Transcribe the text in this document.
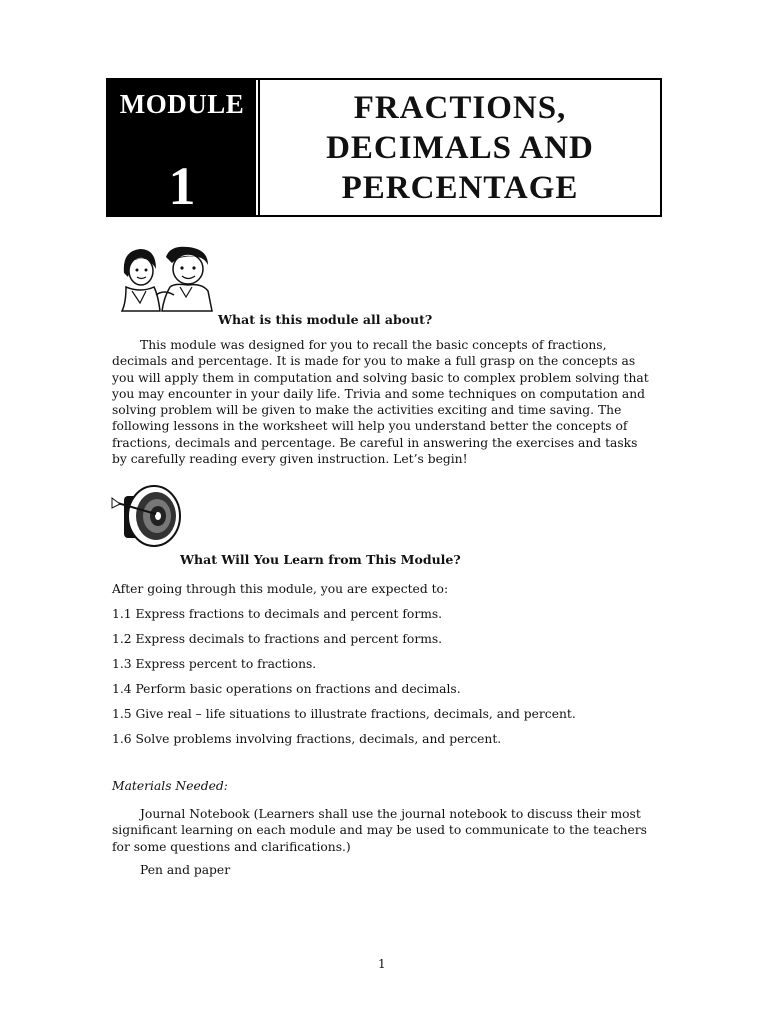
MODULE
1
FRACTIONS,
DECIMALS AND
PERCENTAGE
What is this module all about?
This module was designed for you to recall the basic concepts of fractions, decimals and percentage. It is made for you to make a full grasp on the concepts as you will apply them in computation and solving basic to complex problem solving that you may encounter in your daily life. Trivia and some techniques on computation and solving problem will be given to make the activities exciting and time saving. The following lessons in the worksheet will help you understand better the concepts of fractions, decimals and percentage. Be careful in answering the exercises and tasks by carefully reading every given instruction. Let’s begin!
What Will You Learn from This Module?
After going through this module, you are expected to:
1.1 Express fractions to decimals and percent forms.
1.2 Express decimals to fractions and percent forms.
1.3 Express percent to fractions.
1.4 Perform basic operations on fractions and decimals.
1.5 Give real – life situations to illustrate fractions, decimals, and percent.
1.6 Solve problems involving fractions, decimals, and percent.
Materials Needed:
Journal Notebook (Learners shall use the journal notebook to discuss their most significant learning on each module and may be used to communicate to the teachers for some questions and clarifications.)
Pen and paper
1
